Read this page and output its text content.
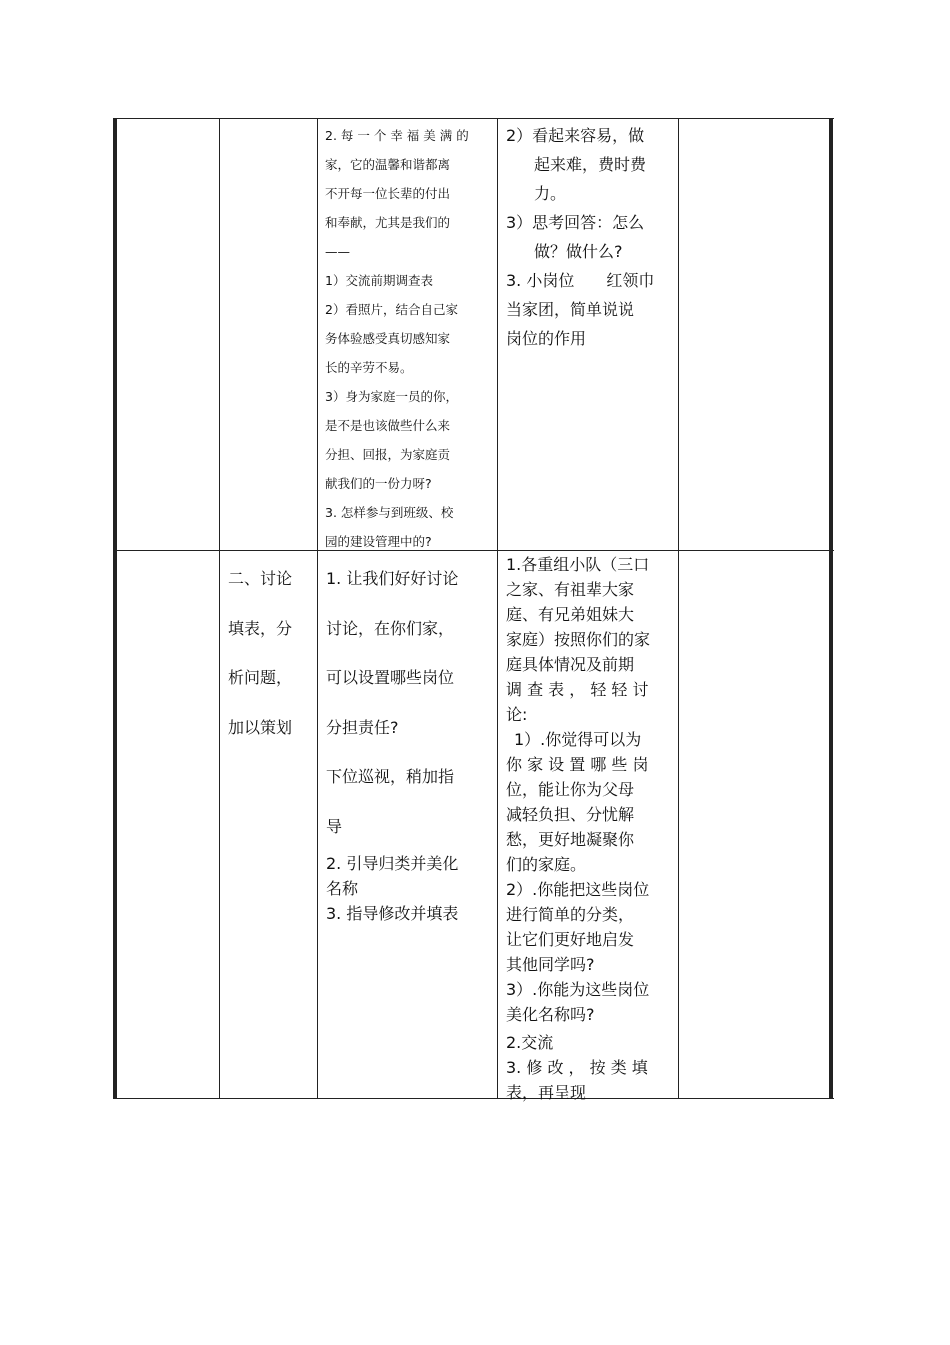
2. 每 一 个 幸 福 美 满 的

家，它的温馨和谐都离

不开每一位长辈的付出

和奉献，尤其是我们的

——

1）交流前期调查表

2）看照片，结合自己家

务体验感受真切感知家

长的辛劳不易。

3）身为家庭一员的你，

是不是也该做些什么来

分担、回报，为家庭贡

献我们的一份力呀?

3. 怎样参与到班级、校

园的建设管理中的?

2）看起来容易，做

起来难，费时费

力。

3）思考回答：怎么

做？做什么?

3. 小岗位　　红领巾

当家团，简单说说

岗位的作用

二、讨论

填表，分

析问题，

加以策划

1. 让我们好好讨论

讨论，在你们家，

可以设置哪些岗位

分担责任?

下位巡视，稍加指

导

2. 引导归类并美化

名称

3. 指导修改并填表

1.各重组小队（三口

之家、有祖辈大家

庭、有兄弟姐妹大

家庭）按照你们的家

庭具体情况及前期

调 查 表 ， 轻 轻 讨

论:

1）.你觉得可以为

你 家 设 置 哪 些 岗

位，能让你为父母

减轻负担、分忧解

愁，更好地凝聚你

们的家庭。

2）.你能把这些岗位

进行简单的分类，

让它们更好地启发

其他同学吗?

3）.你能为这些岗位

美化名称吗?

2.交流

3. 修 改 ， 按 类 填

表，再呈现
